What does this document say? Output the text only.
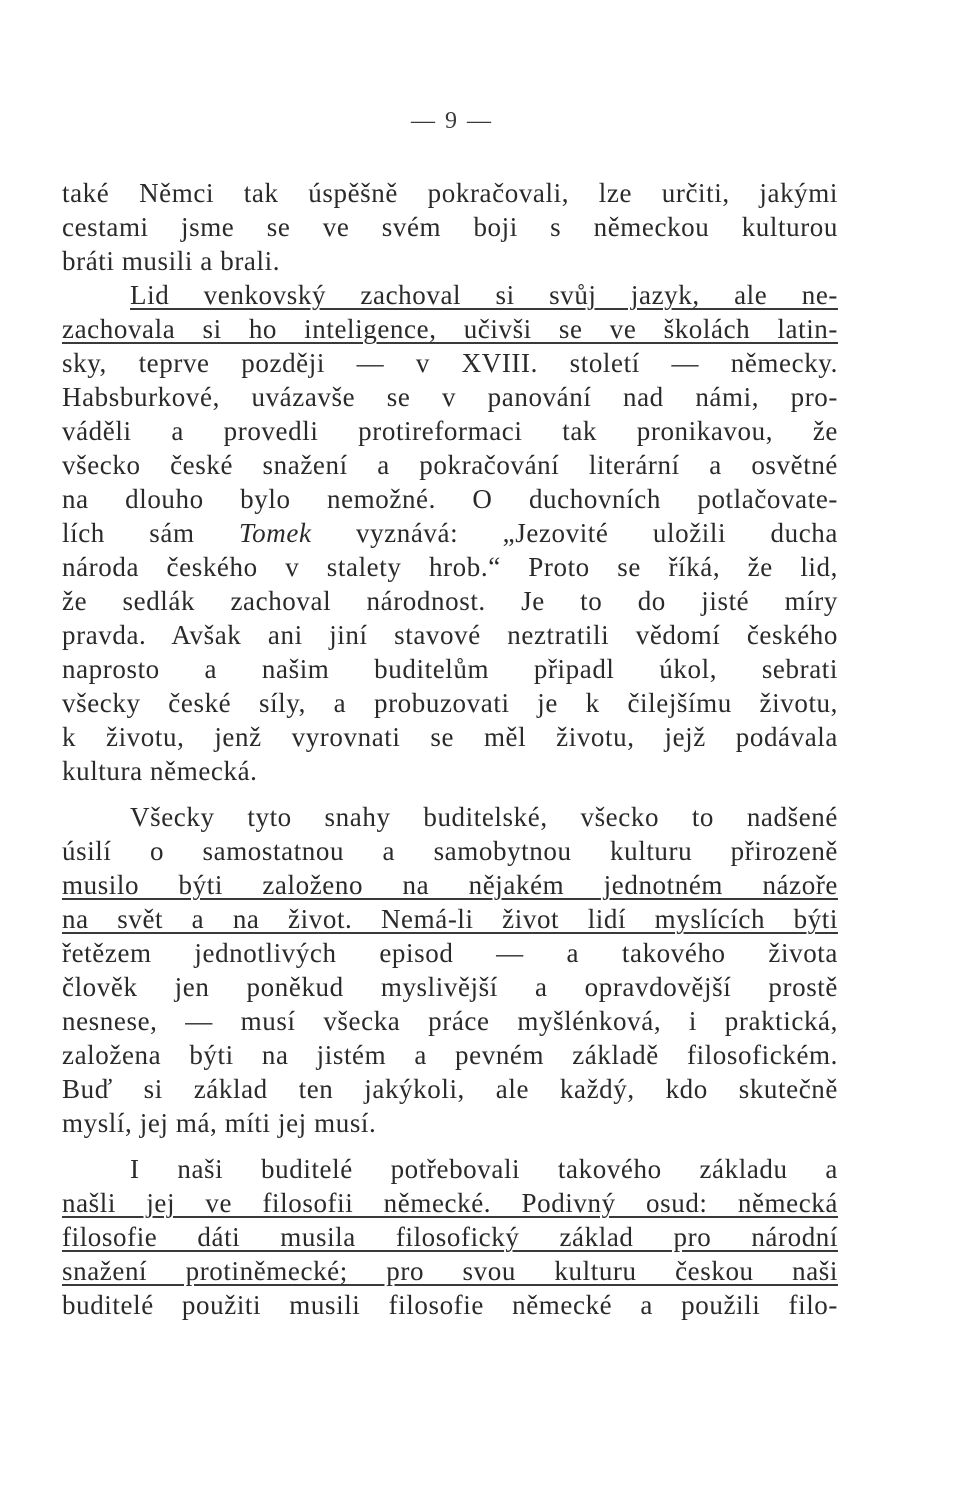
— 9 —
také Němci tak úspěšně pokračovali, lze určiti, jakými
cestami jsme se ve svém boji s německou kulturou
bráti musili a brali.
Lid venkovský zachoval si svůj jazyk, ale ne-
zachovala si ho inteligence, učivši se ve školách latin-
sky, teprve později — v XVIII. století — německy.
Habsburkové, uvázavše se v panování nad námi, pro-
váděli a provedli protireformaci tak pronikavou, že
všecko české snažení a pokračování literární a osvětné
na dlouho bylo nemožné. O duchovních potlačovate-
lích sám Tomek vyznává: „Jezovité uložili ducha
národa českého v stalety hrob.“ Proto se říká, že lid,
že sedlák zachoval národnost. Je to do jisté míry
pravda. Avšak ani jiní stavové neztratili vědomí českého
naprosto a našim buditelům připadl úkol, sebrati
všecky české síly, a probuzovati je k čilejšímu životu,
k životu, jenž vyrovnati se měl životu, jejž podávala
kultura německá.
Všecky tyto snahy buditelské, všecko to nadšené
úsilí o samostatnou a samobytnou kulturu přirozeně
musilo býti založeno na nějakém jednotném názoře
na svět a na život. Nemá-li život lidí myslících býti
řetězem jednotlivých episod — a takového života
člověk jen poněkud myslivější a opravdovější prostě
nesnese, — musí všecka práce myšlénková, i praktická,
založena býti na jistém a pevném základě filosofickém.
Buď si základ ten jakýkoli, ale každý, kdo skutečně
myslí, jej má, míti jej musí.
I naši buditelé potřebovali takového základu a
našli jej ve filosofii německé. Podivný osud: německá
filosofie dáti musila filosofický základ pro národní
snažení protiněmecké; pro svou kulturu českou naši
buditelé použiti musili filosofie německé a použili filo-
